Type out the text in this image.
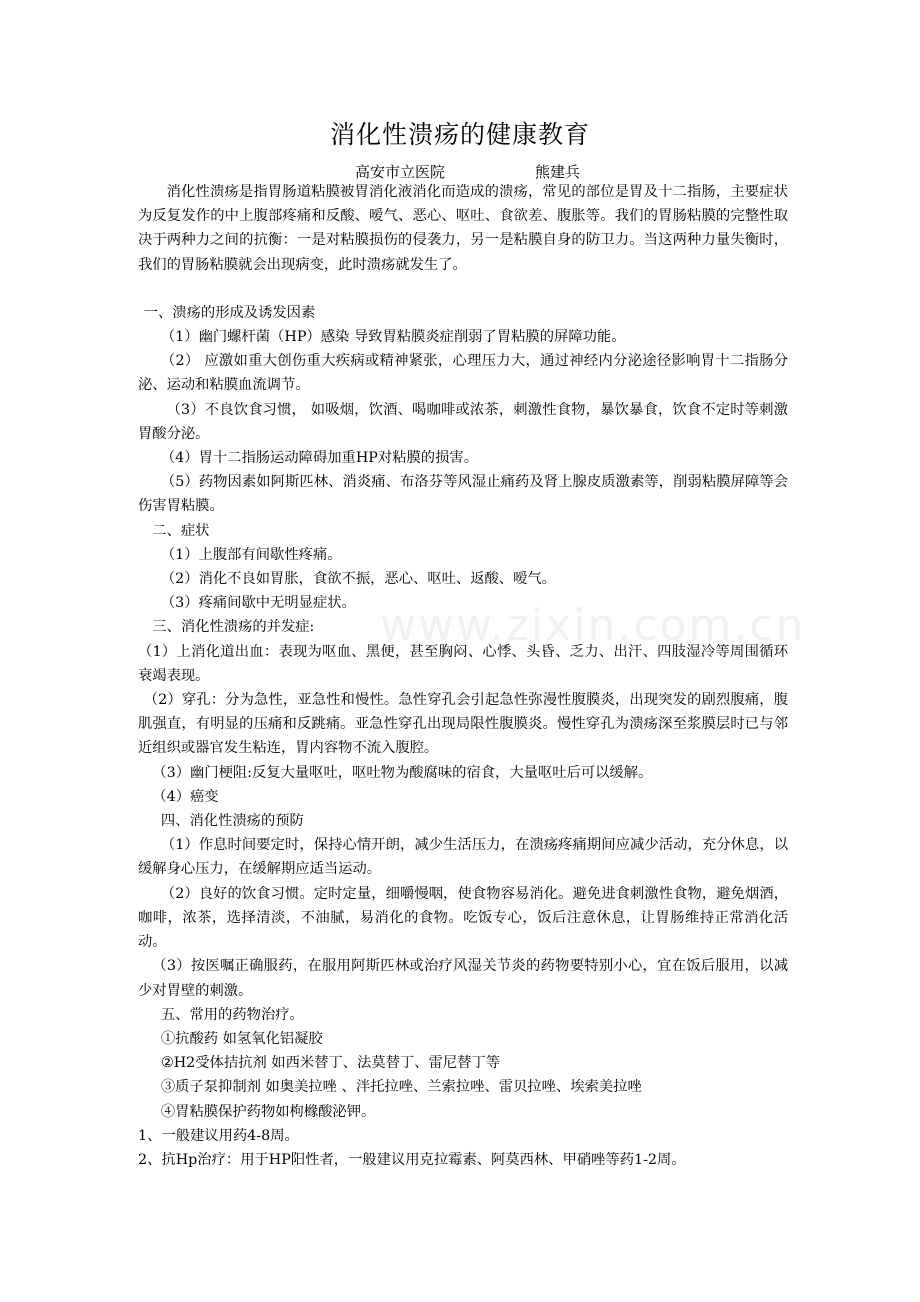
消化性溃疡的健康教育
高安市立医院	熊建兵
www.zixin.com.cn

消化性溃疡是指胃肠道粘膜被胃消化液消化而造成的溃疡，常见的部位是胃及十二指肠，主要症状为反复发作的中上腹部疼痛和反酸、嗳气、恶心、呕吐、食欲差、腹胀等。我们的胃肠粘膜的完整性取决于两种力之间的抗衡：一是对粘膜损伤的侵袭力，另一是粘膜自身的防卫力。当这两种力量失衡时，我们的胃肠粘膜就会出现病变，此时溃疡就发生了。

一、溃疡的形成及诱发因素

（1）幽门螺杆菌（HP）感染 导致胃粘膜炎症削弱了胃粘膜的屏障功能。

（2） 应激如重大创伤重大疾病或精神紧张，心理压力大，通过神经内分泌途径影响胃十二指肠分泌、运动和粘膜血流调节。

（3）不良饮食习惯， 如吸烟，饮酒、喝咖啡或浓茶，刺激性食物，暴饮暴食，饮食不定时等刺激胃酸分泌。

（4）胃十二指肠运动障碍加重HP对粘膜的损害。

（5）药物因素如阿斯匹林、消炎痛、布洛芬等风湿止痛药及肾上腺皮质激素等，削弱粘膜屏障等会伤害胃粘膜。

二、症状

（1）上腹部有间歇性疼痛。

（2）消化不良如胃胀，食欲不振，恶心、呕吐、返酸、嗳气。

（3）疼痛间歇中无明显症状。

三、消化性溃疡的并发症:

（1）上消化道出血：表现为呕血、黑便，甚至胸闷、心悸、头昏、乏力、出汗、四肢湿冷等周围循环衰竭表现。

（2）穿孔：分为急性，亚急性和慢性。急性穿孔会引起急性弥漫性腹膜炎，出现突发的剧烈腹痛，腹肌强直，有明显的压痛和反跳痛。亚急性穿孔出现局限性腹膜炎。慢性穿孔为溃疡深至浆膜层时已与邻近组织或器官发生粘连，胃内容物不流入腹腔。

（3）幽门梗阻:反复大量呕吐，呕吐物为酸腐味的宿食，大量呕吐后可以缓解。

（4）癌变

四、消化性溃疡的预防

（1）作息时间要定时，保持心情开朗，减少生活压力，在溃疡疼痛期间应减少活动，充分休息，以缓解身心压力，在缓解期应适当运动。

（2）良好的饮食习惯。定时定量，细嚼慢咽，使食物容易消化。避免进食刺激性食物，避免烟酒，咖啡，浓茶，选择清淡，不油腻，易消化的食物。吃饭专心，饭后注意休息，让胃肠维持正常消化活动。

（3）按医嘱正确服药，在服用阿斯匹林或治疗风湿关节炎的药物要特别小心，宜在饭后服用，以减少对胃壁的刺激。

五、常用的药物治疗。

①抗酸药 如氢氧化铝凝胶

②H2受体拮抗剂 如西米替丁、法莫替丁、雷尼替丁等

③质子泵抑制剂 如奥美拉唑 、泮托拉唑、兰索拉唑、雷贝拉唑、埃索美拉唑

④胃粘膜保护药物如枸橼酸泌钾。

1、一般建议用药4-8周。

2、抗Hp治疗：用于HP阳性者，一般建议用克拉霉素、阿莫西林、甲硝唑等药1-2周。
